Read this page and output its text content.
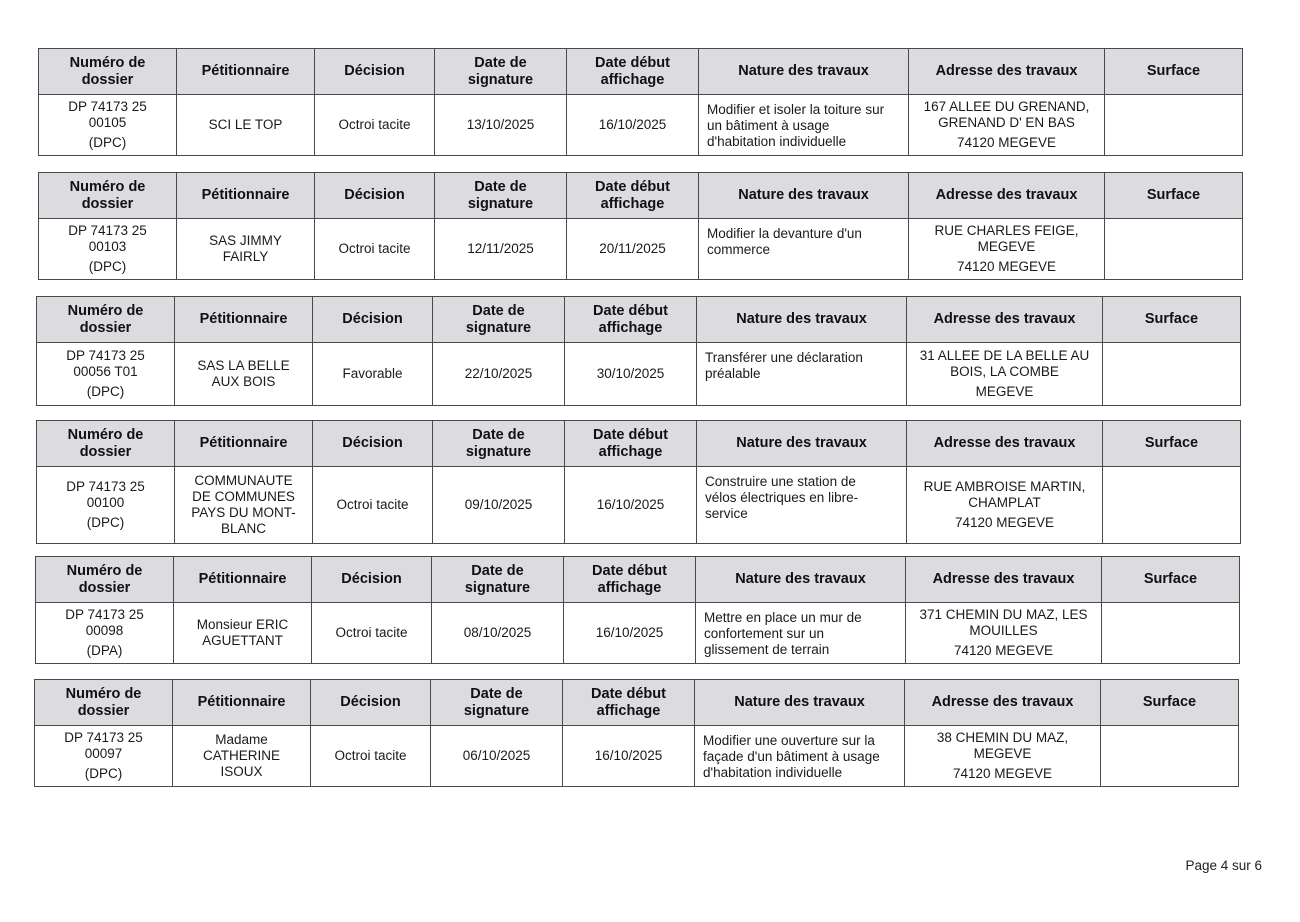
Numéro de
dossier	Pétitionnaire	Décision	Date de
signature	Date début
affichage	Nature des travaux	Adresse des travaux	Surface

DP 74173 25
00105
(DPC)	SCI LE TOP	Octroi tacite	13/10/2025	16/10/2025	Modifier et isoler la toiture sur
un bâtiment à usage
d'habitation individuelle	167 ALLEE DU GRENAND,
GRENAND D' EN BAS
74120 MEGEVE	

Numéro de
dossier	Pétitionnaire	Décision	Date de
signature	Date début
affichage	Nature des travaux	Adresse des travaux	Surface

DP 74173 25
00103
(DPC)	SAS JIMMY
FAIRLY	Octroi tacite	12/11/2025	20/11/2025	Modifier la devanture d'un
commerce	RUE CHARLES FEIGE,
MEGEVE
74120 MEGEVE	

Numéro de
dossier	Pétitionnaire	Décision	Date de
signature	Date début
affichage	Nature des travaux	Adresse des travaux	Surface

DP 74173 25
00056 T01
(DPC)	SAS LA BELLE
AUX BOIS	Favorable	22/10/2025	30/10/2025	Transférer une déclaration
préalable	31 ALLEE DE LA BELLE AU
BOIS, LA COMBE
MEGEVE	

Numéro de
dossier	Pétitionnaire	Décision	Date de
signature	Date début
affichage	Nature des travaux	Adresse des travaux	Surface

DP 74173 25
00100
(DPC)	COMMUNAUTE
DE COMMUNES
PAYS DU MONT-
BLANC	Octroi tacite	09/10/2025	16/10/2025	Construire une station de
vélos électriques en libre-
service	RUE AMBROISE MARTIN,
CHAMPLAT
74120 MEGEVE	

Numéro de
dossier	Pétitionnaire	Décision	Date de
signature	Date début
affichage	Nature des travaux	Adresse des travaux	Surface

DP 74173 25
00098
(DPA)	Monsieur ERIC
AGUETTANT	Octroi tacite	08/10/2025	16/10/2025	Mettre en place un mur de
confortement sur un
glissement de terrain	371 CHEMIN DU MAZ, LES
MOUILLES
74120 MEGEVE	

Numéro de
dossier	Pétitionnaire	Décision	Date de
signature	Date début
affichage	Nature des travaux	Adresse des travaux	Surface

DP 74173 25
00097
(DPC)	Madame
CATHERINE
ISOUX	Octroi tacite	06/10/2025	16/10/2025	Modifier une ouverture sur la
façade d'un bâtiment à usage
d'habitation individuelle	38 CHEMIN DU MAZ,
MEGEVE
74120 MEGEVE	

Page 4 sur 6
